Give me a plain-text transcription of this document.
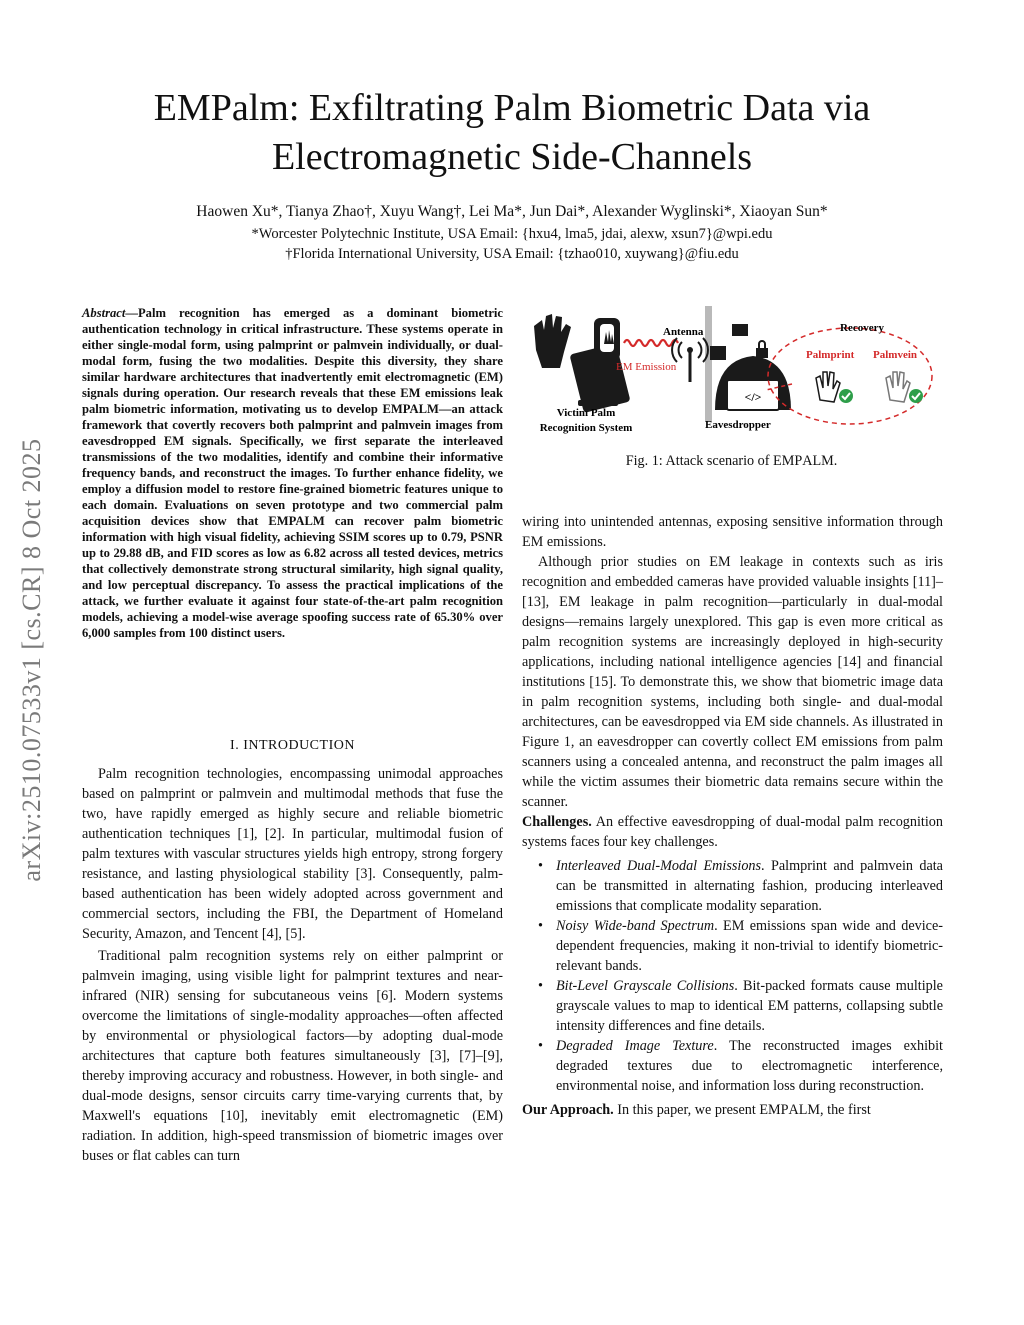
arXiv:2510.07533v1 [cs.CR] 8 Oct 2025
EMPalm: Exfiltrating Palm Biometric Data via
Electromagnetic Side-Channels
Haowen Xu*, Tianya Zhao†, Xuyu Wang†, Lei Ma*, Jun Dai*, Alexander Wyglinski*, Xiaoyan Sun*
*Worcester Polytechnic Institute, USA Email: {hxu4, lma5, jdai, alexw, xsun7}@wpi.edu
†Florida International University, USA Email: {tzhao010, xuywang}@fiu.edu
Abstract—Palm recognition has emerged as a dominant biometric authentication technology in critical infrastructure. These systems operate in either single-modal form, using palmprint or palmvein individually, or dual-modal form, fusing the two modalities. Despite this diversity, they share similar hardware architectures that inadvertently emit electromagnetic (EM) signals during operation. Our research reveals that these EM emissions leak palm biometric information, motivating us to develop EMPALM—an attack framework that covertly recovers both palmprint and palmvein images from eavesdropped EM signals. Specifically, we first separate the interleaved transmissions of the two modalities, identify and combine their informative frequency bands, and reconstruct the images. To further enhance fidelity, we employ a diffusion model to restore fine-grained biometric features unique to each domain. Evaluations on seven prototype and two commercial palm acquisition devices show that EMPALM can recover palm biometric information with high visual fidelity, achieving SSIM scores up to 0.79, PSNR up to 29.88 dB, and FID scores as low as 6.82 across all tested devices, metrics that collectively demonstrate strong structural similarity, high signal quality, and low perceptual discrepancy. To assess the practical implications of the attack, we further evaluate it against four state-of-the-art palm recognition models, achieving a model-wise average spoofing success rate of 65.30% over 6,000 samples from 100 distinct users.
I. INTRODUCTION

Palm recognition technologies, encompassing unimodal approaches based on palmprint or palmvein and multimodal methods that fuse the two, have rapidly emerged as highly secure and reliable biometric authentication techniques [1], [2]. In particular, multimodal fusion of palm textures with vascular structures yields high entropy, strong forgery resistance, and lasting physiological stability [3]. Consequently, palm-based authentication has been widely adopted across government and commercial sectors, including the FBI, the Department of Homeland Security, Amazon, and Tencent [4], [5].

Traditional palm recognition systems rely on either palmprint or palmvein imaging, using visible light for palmprint textures and near-infrared (NIR) sensing for subcutaneous veins [6]. Modern systems overcome the limitations of single-modality approaches—often affected by environmental or physiological factors—by adopting dual-mode architectures that capture both features simultaneously [3], [7]–[9], thereby improving accuracy and robustness. However, in both single- and dual-mode designs, sensor circuits carry time-varying currents that, by Maxwell's equations [10], inevitably emit electromagnetic (EM) radiation. In addition, high-speed transmission of biometric images over buses or flat cables can turn

EM Emission
Antenna
</>
Eavesdropper
Recovery
Palmprint Palmvein
Victim Palm
Recognition System
Fig. 1: Attack scenario of EMPALM.

wiring into unintended antennas, exposing sensitive information through EM emissions.

Although prior studies on EM leakage in contexts such as iris recognition and embedded cameras have provided valuable insights [11]–[13], EM leakage in palm recognition—particularly in dual-modal designs—remains largely unexplored. This gap is even more critical as palm recognition systems are increasingly deployed in high-security applications, including national intelligence agencies [14] and financial institutions [15]. To demonstrate this, we show that biometric image data in palm recognition systems, including both single- and dual-modal architectures, can be eavesdropped via EM side channels. As illustrated in Figure 1, an eavesdropper can covertly collect EM emissions from palm scanners using a concealed antenna, and reconstruct the palm images all while the victim assumes their biometric data remains secure within the scanner.

Challenges. An effective eavesdropping of dual-modal palm recognition systems faces four key challenges.

• Interleaved Dual-Modal Emissions. Palmprint and palmvein data can be transmitted in alternating fashion, producing interleaved emissions that complicate modality separation.
• Noisy Wide-band Spectrum. EM emissions span wide and device-dependent frequencies, making it non-trivial to identify biometric-relevant bands.
• Bit-Level Grayscale Collisions. Bit-packed formats cause multiple grayscale values to map to identical EM patterns, collapsing subtle intensity differences and fine details.
• Degraded Image Texture. The reconstructed images exhibit degraded textures due to electromagnetic interference, environmental noise, and information loss during reconstruction.

Our Approach. In this paper, we present EMPALM, the first
